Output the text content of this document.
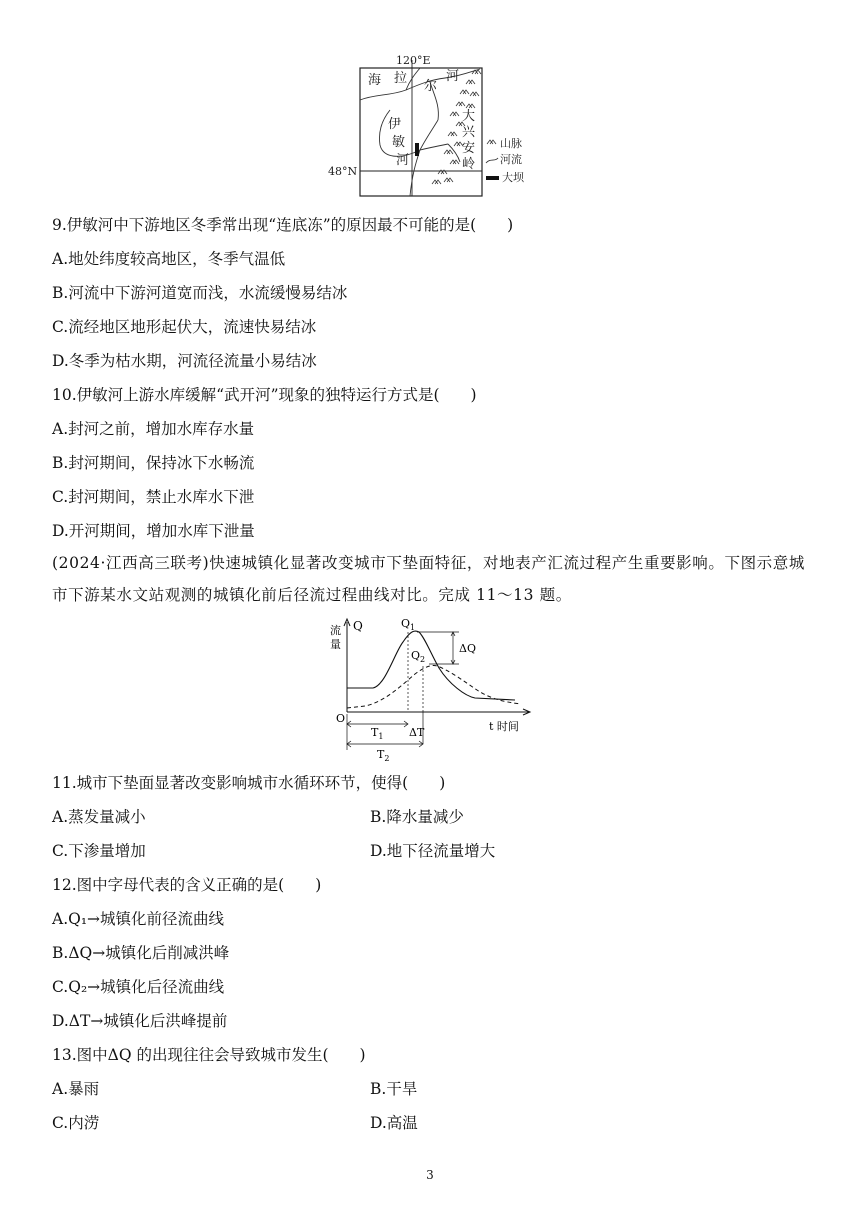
120°E
48°N
海 拉
尔
河
伊
敏
河
大
兴
安
岭
山脉
河流
大坝
9.伊敏河中下游地区冬季常出现“连底冻”的原因最不可能的是(　　)
A.地处纬度较高地区，冬季气温低
B.河流中下游河道宽而浅，水流缓慢易结冰
C.流经地区地形起伏大，流速快易结冰
D.冬季为枯水期，河流径流量小易结冰
10.伊敏河上游水库缓解“武开河”现象的独特运行方式是(　　)
A.封河之前，增加水库存水量
B.封河期间，保持冰下水畅流
C.封河期间，禁止水库水下泄
D.开河期间，增加水库下泄量
(2024·江西高三联考)快速城镇化显著改变城市下垫面特征，对地表产汇流过程产生重要影响。下图示意城市下游某水文站观测的城镇化前后径流过程曲线对比。完成 11～13 题。
Q
流
量
O
t 时间
$Q_1$
$Q_2$
ΔQ
$T_1$
$T_2$
ΔT
11.城市下垫面显著改变影响城市水循环环节，使得(　　)
A.蒸发量减小	B.降水量减少
C.下渗量增加	D.地下径流量增大
12.图中字母代表的含义正确的是(　　)
A.Q₁→城镇化前径流曲线
B.ΔQ→城镇化后削减洪峰
C.Q₂→城镇化后径流曲线
D.ΔT→城镇化后洪峰提前
13.图中ΔQ 的出现往往会导致城市发生(　　)
A.暴雨	B.干旱
C.内涝	D.高温
3
